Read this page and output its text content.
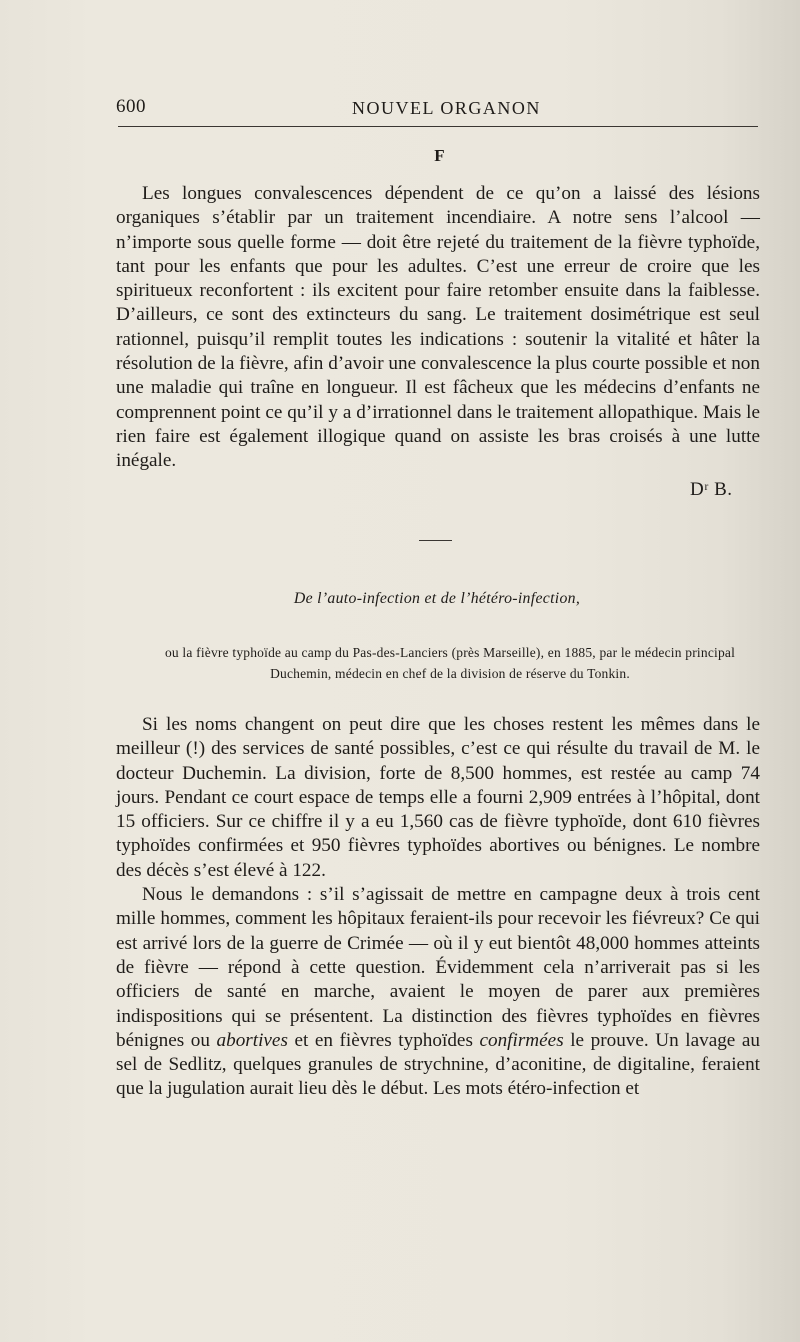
600	NOUVEL ORGANON
F

Les longues convalescences dépendent de ce qu’on a laissé des lésions organiques s’établir par un traitement incendiaire. A notre sens l’alcool — n’importe sous quelle forme — doit être rejeté du traitement de la fièvre typhoïde, tant pour les enfants que pour les adultes. C’est une erreur de croire que les spiritueux reconfortent : ils excitent pour faire retomber ensuite dans la faiblesse. D’ailleurs, ce sont des extincteurs du sang. Le traitement dosimétrique est seul rationnel, puisqu’il remplit toutes les indications : soutenir la vitalité et hâter la résolution de la fièvre, afin d’avoir une convalescence la plus courte possible et non une maladie qui traîne en longueur. Il est fâcheux que les médecins d’enfants ne comprennent point ce qu’il y a d’irrationnel dans le traitement allopathique. Mais le rien faire est également illogique quand on assiste les bras croisés à une lutte inégale.

Dʳ B.
De l’auto-infection et de l’hétéro-infection,
ou la fièvre typhoïde au camp du Pas-des-Lanciers (près Marseille), en 1885, par le médecin principal Duchemin, médecin en chef de la division de réserve du Tonkin.

Si les noms changent on peut dire que les choses restent les mêmes dans le meilleur (!) des services de santé possibles, c’est ce qui résulte du travail de M. le docteur Duchemin. La division, forte de 8,500 hommes, est restée au camp 74 jours. Pendant ce court espace de temps elle a fourni 2,909 entrées à l’hôpital, dont 15 officiers. Sur ce chiffre il y a eu 1,560 cas de fièvre typhoïde, dont 610 fièvres typhoïdes confirmées et 950 fièvres typhoïdes abortives ou bénignes. Le nombre des décès s’est élevé à 122.

Nous le demandons : s’il s’agissait de mettre en campagne deux à trois cent mille hommes, comment les hôpitaux feraient-ils pour recevoir les fiévreux? Ce qui est arrivé lors de la guerre de Crimée — où il y eut bientôt 48,000 hommes atteints de fièvre — répond à cette question. Évidemment cela n’arriverait pas si les officiers de santé en marche, avaient le moyen de parer aux premières indispositions qui se présentent. La distinction des fièvres typhoïdes en fièvres bénignes ou abortives et en fièvres typhoïdes confirmées le prouve. Un lavage au sel de Sedlitz, quelques granules de strychnine, d’aconitine, de digitaline, feraient que la jugulation aurait lieu dès le début. Les mots étéro-infection et
